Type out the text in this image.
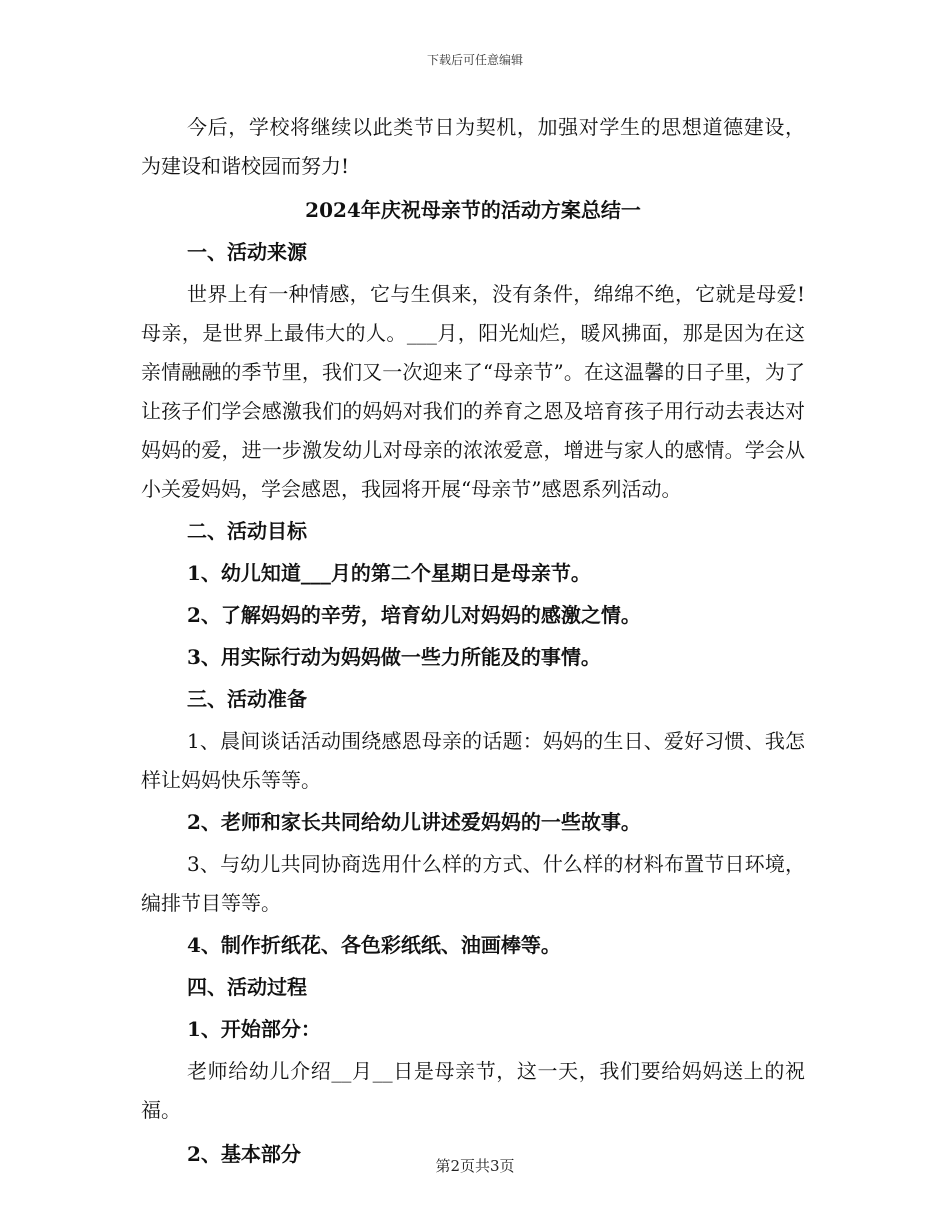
下载后可任意编辑

今后，学校将继续以此类节日为契机，加强对学生的思想道德建设，为建设和谐校园而努力!

2024年庆祝母亲节的活动方案总结一

一、活动来源

世界上有一种情感，它与生俱来，没有条件，绵绵不绝，它就是母爱!母亲，是世界上最伟大的人。___月，阳光灿烂，暖风拂面，那是因为在这亲情融融的季节里，我们又一次迎来了“母亲节”。在这温馨的日子里，为了让孩子们学会感激我们的妈妈对我们的养育之恩及培育孩子用行动去表达对妈妈的爱，进一步激发幼儿对母亲的浓浓爱意，增进与家人的感情。学会从小关爱妈妈，学会感恩，我园将开展“母亲节”感恩系列活动。

二、活动目标

1、幼儿知道___月的第二个星期日是母亲节。

2、了解妈妈的辛劳，培育幼儿对妈妈的感激之情。

3、用实际行动为妈妈做一些力所能及的事情。

三、活动准备

1、晨间谈话活动围绕感恩母亲的话题：妈妈的生日、爱好习惯、我怎样让妈妈快乐等等。

2、老师和家长共同给幼儿讲述爱妈妈的一些故事。

3、与幼儿共同协商选用什么样的方式、什么样的材料布置节日环境，编排节目等等。

4、制作折纸花、各色彩纸纸、油画棒等。

四、活动过程

1、开始部分：

老师给幼儿介绍__月__日是母亲节，这一天，我们要给妈妈送上的祝福。

2、基本部分	第2页共3页
